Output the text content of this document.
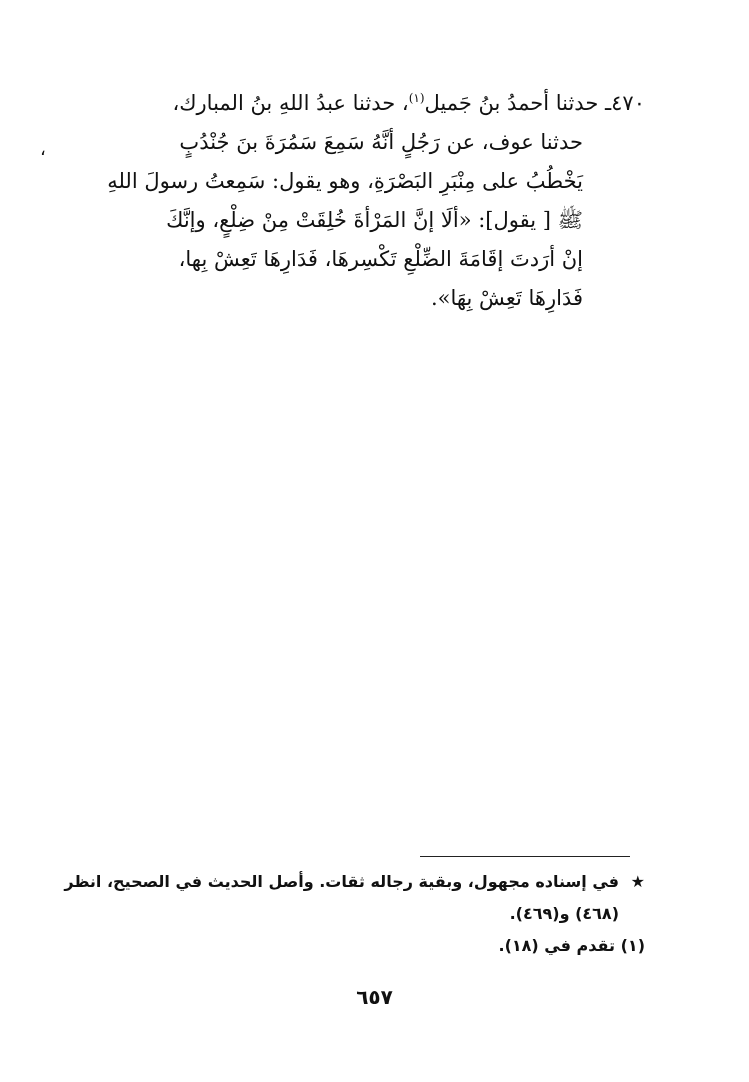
٤٧٠ـ حدثنا أحمدُ بنُ جَميل$^{(١)}$، حدثنا عبدُ اللهِ بنُ المبارك،
حدثنا عوف، عن رَجُلٍ أنَّهُ سَمِعَ سَمُرَةَ بنَ جُنْدُبٍ
يَخْطُبُ على مِنْبَرِ البَصْرَةِ، وهو يقول: سَمِعتُ رسولَ اللهِ
ﷺ [ يقول]: «ألَا إنَّ المَرْأةَ خُلِقَتْ مِنْ ضِلْعٍ، وإنَّكَ
إنْ أرَدتَ إقَامَةَ الضِّلْعِ تَكْسِرهَا، فَدَارِهَا تَعِشْ بِها،
فَدَارِهَا تَعِشْ بِهَا».
،
★في إسناده مجهول، وبقية رجاله ثقات. وأصل الحديث في الصحيح، انظر
(٤٦٨) و(٤٦٩).
(١) تقدم في (١٨).
٦٥٧
